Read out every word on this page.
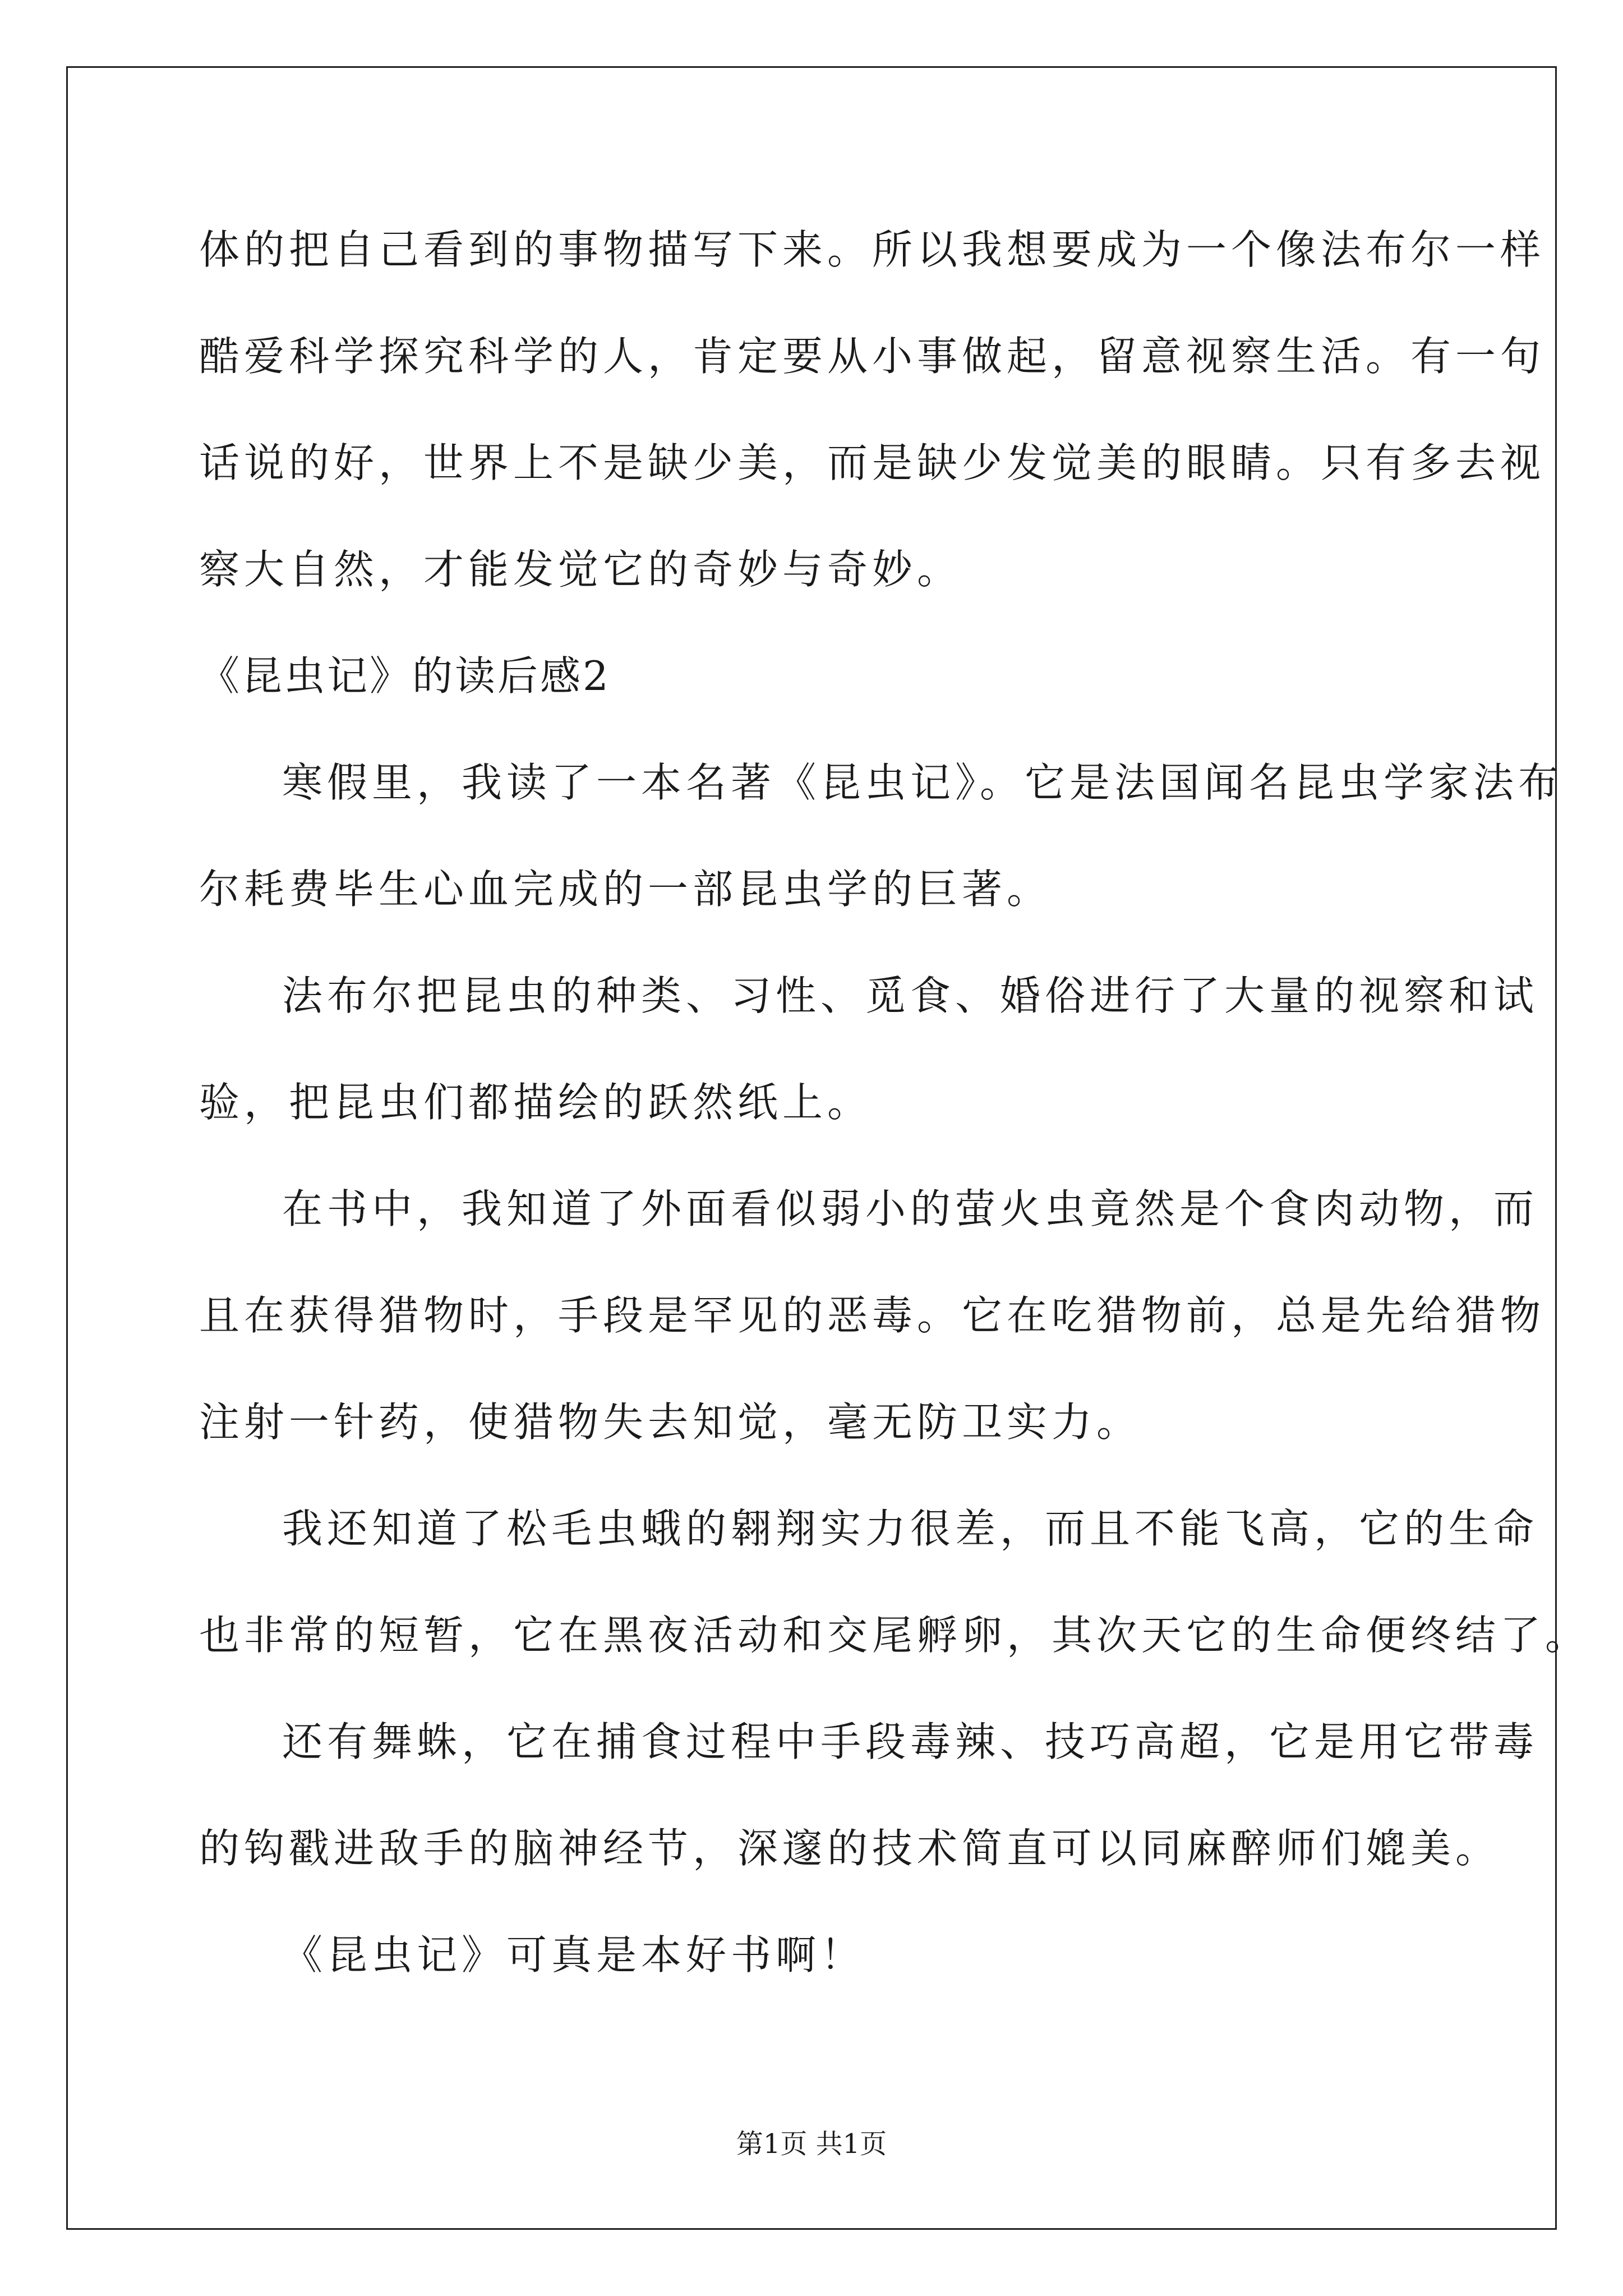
体的把自己看到的事物描写下来。所以我想要成为一个像法布尔一样
酷爱科学探究科学的人，肯定要从小事做起，留意视察生活。有一句
话说的好，世界上不是缺少美，而是缺少发觉美的眼睛。只有多去视
察大自然，才能发觉它的奇妙与奇妙。
《昆虫记》的读后感2
寒假里，我读了一本名著《昆虫记》。它是法国闻名昆虫学家法布
尔耗费毕生心血完成的一部昆虫学的巨著。
法布尔把昆虫的种类、习性、觅食、婚俗进行了大量的视察和试
验，把昆虫们都描绘的跃然纸上。
在书中，我知道了外面看似弱小的萤火虫竟然是个食肉动物，而
且在获得猎物时，手段是罕见的恶毒。它在吃猎物前，总是先给猎物
注射一针药，使猎物失去知觉，毫无防卫实力。
我还知道了松毛虫蛾的翱翔实力很差，而且不能飞高，它的生命
也非常的短暂，它在黑夜活动和交尾孵卵，其次天它的生命便终结了。
还有舞蛛，它在捕食过程中手段毒辣、技巧高超，它是用它带毒
的钩戳进敌手的脑神经节，深邃的技术简直可以同麻醉师们媲美。
《昆虫记》可真是本好书啊！
第1页 共1页
